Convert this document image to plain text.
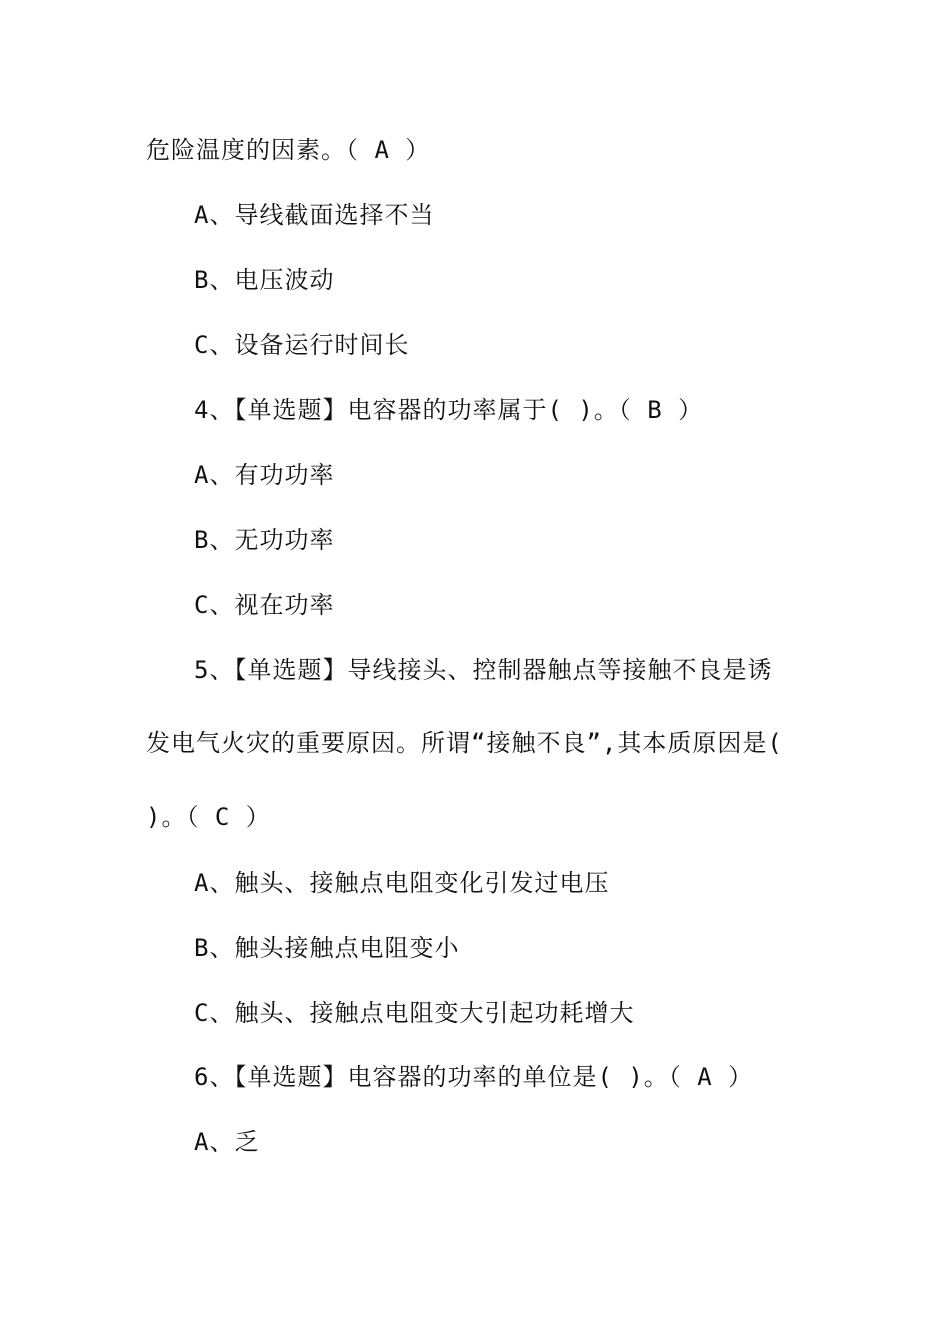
危险温度的因素。（ A ）
A、导线截面选择不当
B、电压波动
C、设备运行时间长
4、【单选题】电容器的功率属于( )。（ B ）
A、有功功率
B、无功功率
C、视在功率
5、【单选题】导线接头、控制器触点等接触不良是诱
发电气火灾的重要原因。所谓“接触不良”,其本质原因是(
)。（ C ）
A、触头、接触点电阻变化引发过电压
B、触头接触点电阻变小
C、触头、接触点电阻变大引起功耗增大
6、【单选题】电容器的功率的单位是( )。（ A ）
A、乏
